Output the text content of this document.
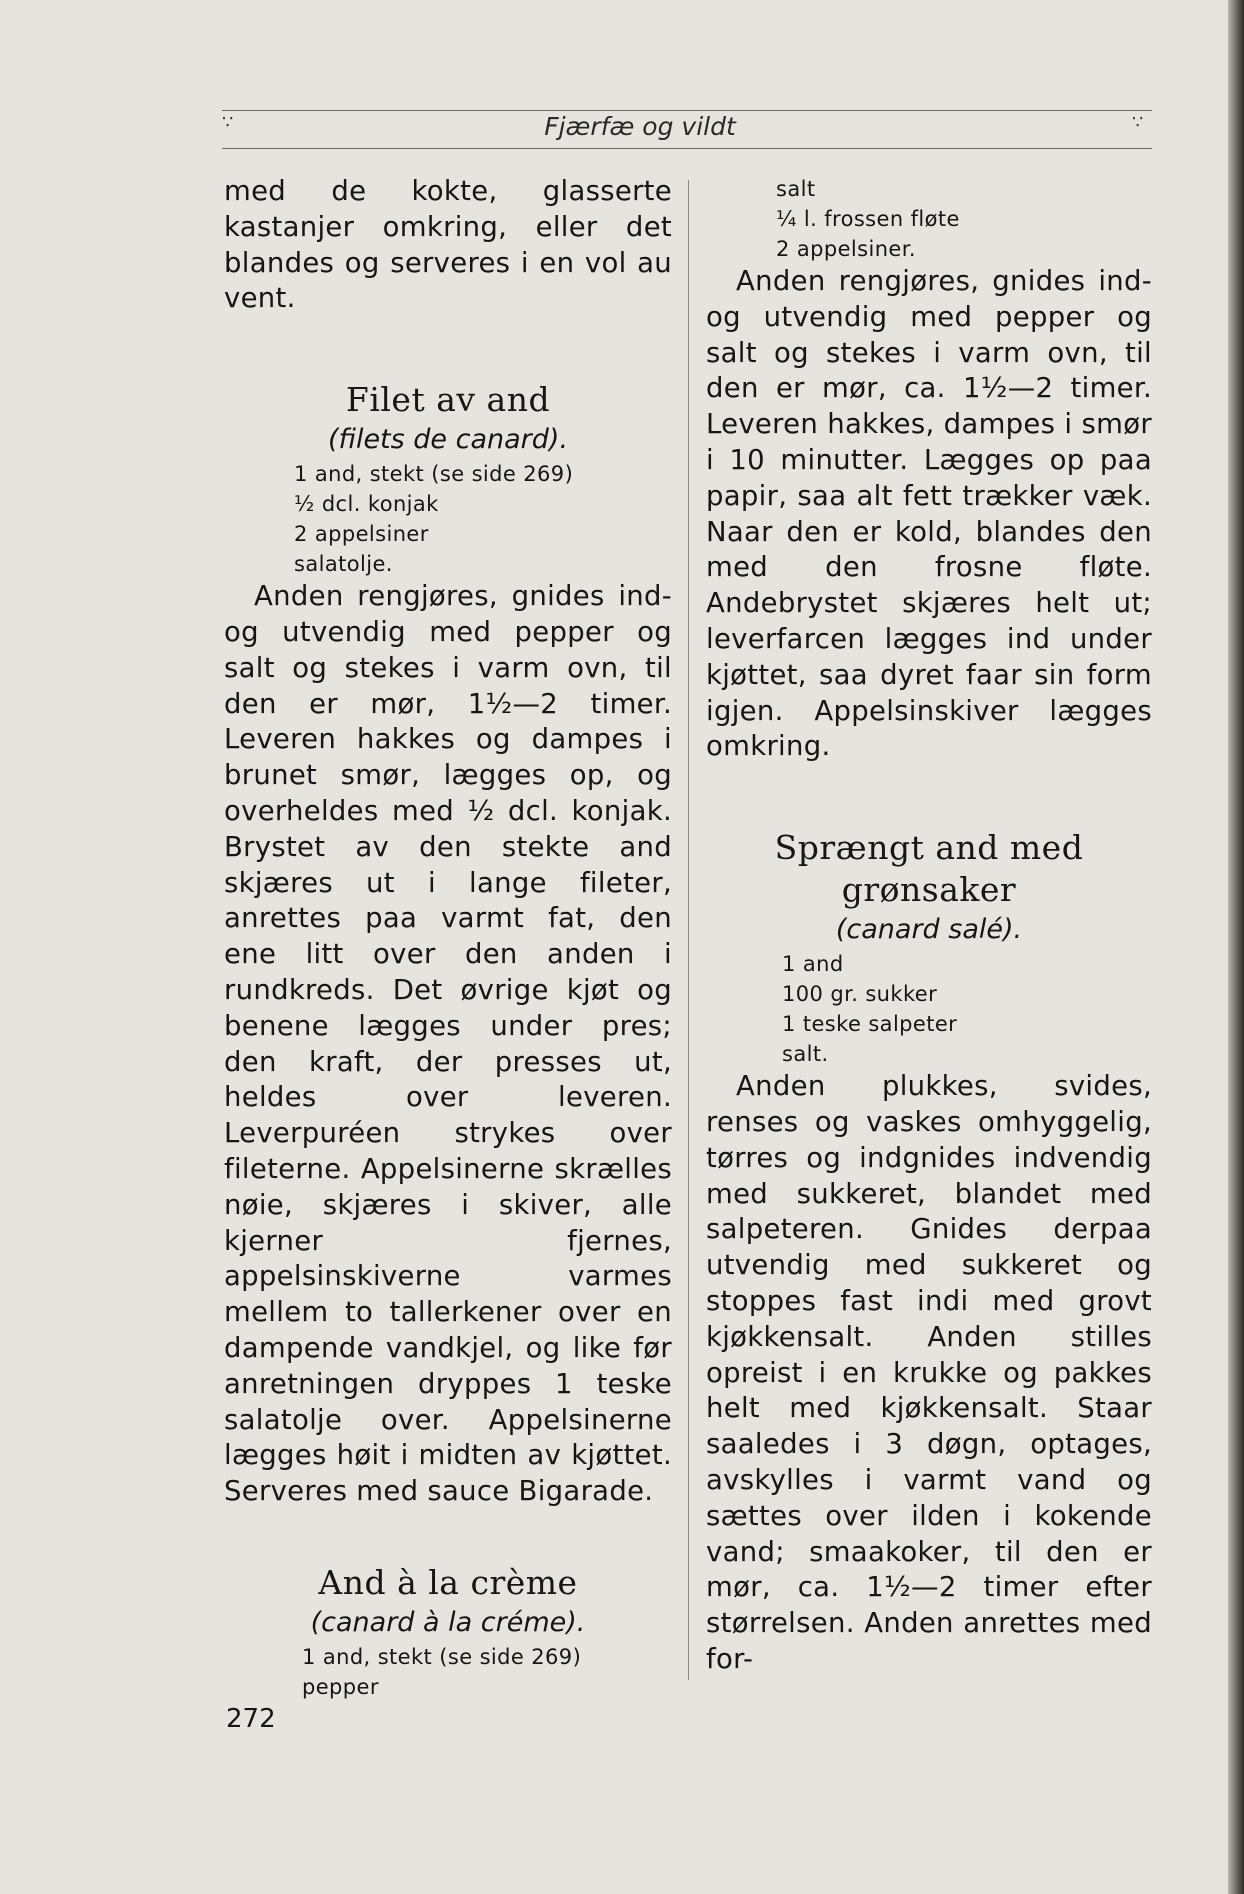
∵	Fjærfæ og vildt	∵

med de kokte, glasserte kastanjer omkring, eller det blandes og serveres i en vol au vent.

Filet av and

(filets de canard).

1 and, stekt (se side 269)

½ dcl. konjak

2 appelsiner

salatolje.

Anden rengjøres, gnides ind- og utvendig med pepper og salt og stekes i varm ovn, til den er mør, 1½—2 timer. Leveren hakkes og dampes i brunet smør, lægges op, og overheldes med ½ dcl. konjak. Brystet av den stekte and skjæres ut i lange fileter, anrettes paa varmt fat, den ene litt over den anden i rundkreds. Det øvrige kjøt og benene lægges under pres; den kraft, der presses ut, heldes over leveren. Leverpuréen strykes over fileterne. Appelsinerne skrælles nøie, skjæres i skiver, alle kjerner fjernes, appelsinskiverne varmes mellem to tallerkener over en dampende vandkjel, og like før anretningen dryppes 1 teske salatolje over. Appelsinerne lægges høit i midten av kjøttet. Serveres med sauce Bigarade.

And à la crème

(canard à la créme).

1 and, stekt (se side 269)

pepper

salt

¼ l. frossen fløte

2 appelsiner.

Anden rengjøres, gnides ind- og utvendig med pepper og salt og stekes i varm ovn, til den er mør, ca. 1½—2 timer. Leveren hakkes, dampes i smør i 10 minutter. Lægges op paa papir, saa alt fett trækker væk. Naar den er kold, blandes den med den frosne fløte. Andebrystet skjæres helt ut; leverfarcen lægges ind under kjøttet, saa dyret faar sin form igjen. Appelsinskiver lægges omkring.

Sprængt and med

grønsaker

(canard salé).

1 and

100 gr. sukker

1 teske salpeter

salt.

Anden plukkes, svides, renses og vaskes omhyggelig, tørres og indgnides indvendig med sukkeret, blandet med salpeteren. Gnides derpaa utvendig med sukkeret og stoppes fast indi med grovt kjøkkensalt. Anden stilles opreist i en krukke og pakkes helt med kjøkkensalt. Staar saaledes i 3 døgn, optages, avskylles i varmt vand og sættes over ilden i kokende vand; smaakoker, til den er mør, ca. 1½—2 timer efter størrelsen. Anden anrettes med for-

272
